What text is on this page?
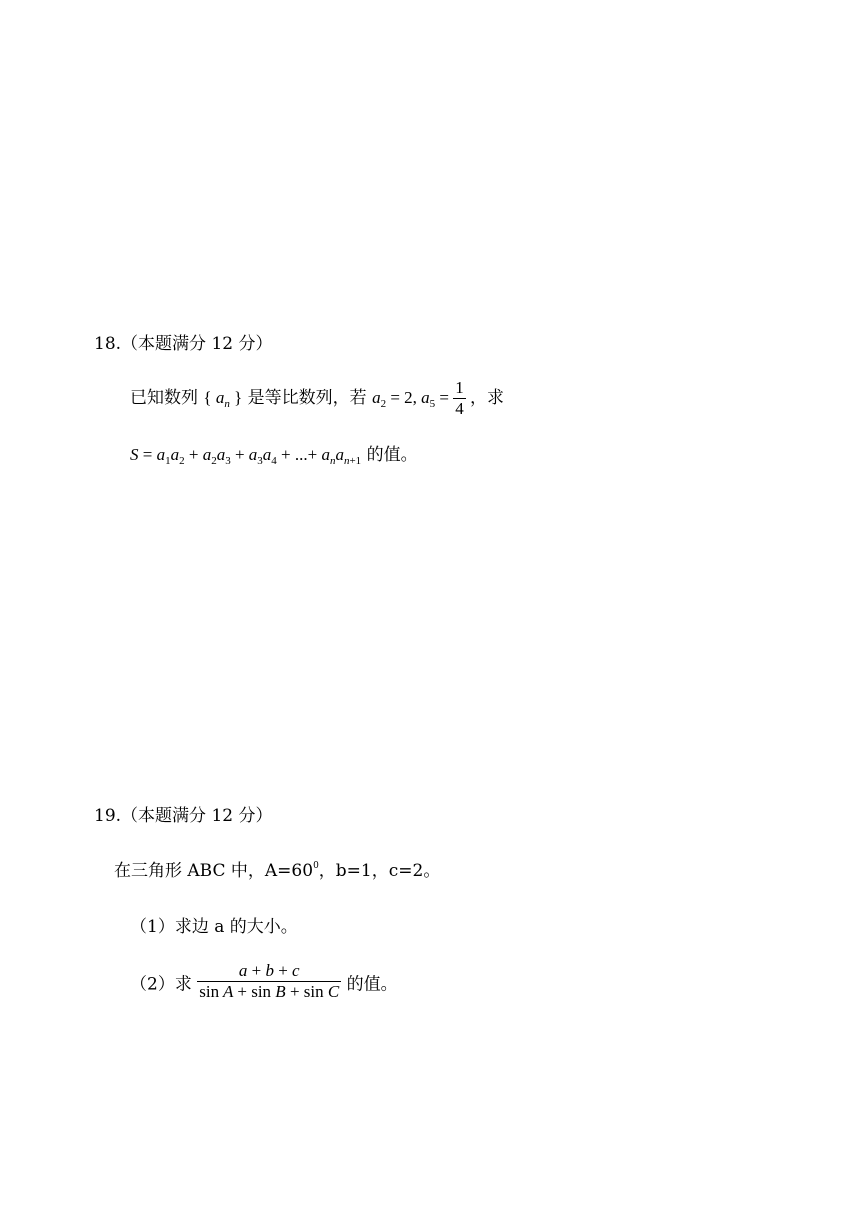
18.（本题满分 12 分）
已知数列 { $a_n$ } 是等比数列，若 $a_2 = 2$, $a_5 = \frac{1}{4}$ ，求
$S = a_1a_2 + a_2a_3 + a_3a_4$ + ...+ $a_na_{n+1}$ 的值。
19.（本题满分 12 分）
在三角形 ABC 中，$A=60^0$，b=1，c=2。
（1）求边 a 的大小。
（2）求 $\frac{a + b + c}{\text{sin A + sin B + sin C}}$ 的值。
